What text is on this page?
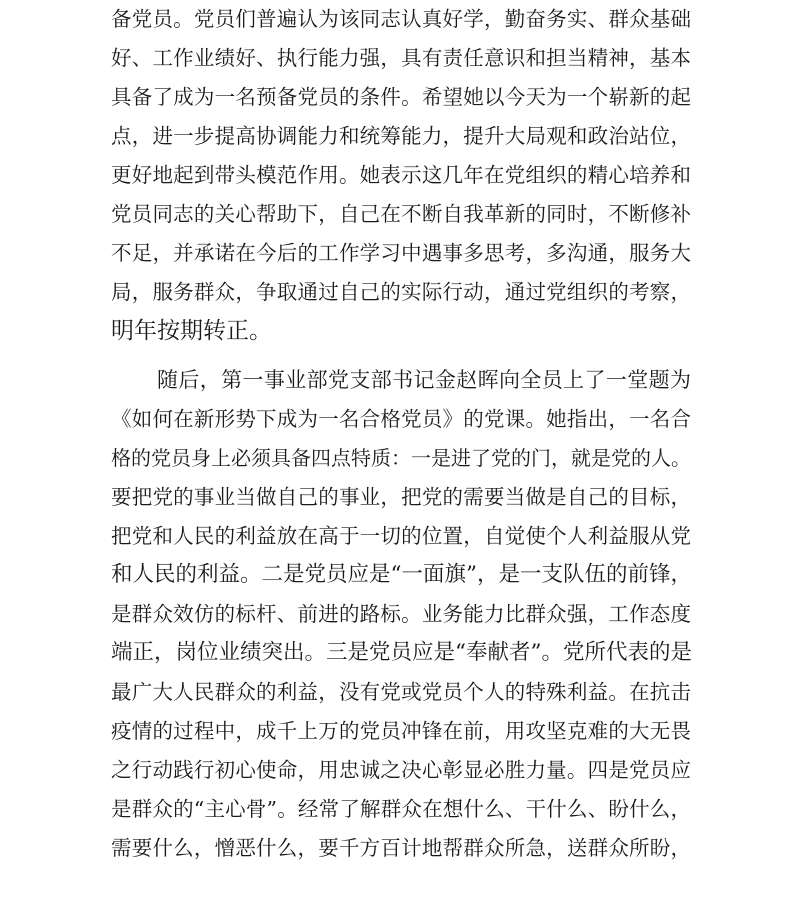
备党员。党员们普遍认为该同志认真好学，勤奋务实、群众基础
好、工作业绩好、执行能力强，具有责任意识和担当精神，基本
具备了成为一名预备党员的条件。希望她以今天为一个崭新的起
点，进一步提高协调能力和统筹能力，提升大局观和政治站位，
更好地起到带头模范作用。她表示这几年在党组织的精心培养和
党员同志的关心帮助下，自己在不断自我革新的同时，不断修补
不足，并承诺在今后的工作学习中遇事多思考，多沟通，服务大
局，服务群众，争取通过自己的实际行动，通过党组织的考察，
明年按期转正。
随后，第一事业部党支部书记金赵晖向全员上了一堂题为
《如何在新形势下成为一名合格党员》的党课。她指出，一名合
格的党员身上必须具备四点特质：一是进了党的门，就是党的人。
要把党的事业当做自己的事业，把党的需要当做是自己的目标，
把党和人民的利益放在高于一切的位置，自觉使个人利益服从党
和人民的利益。二是党员应是“一面旗”，是一支队伍的前锋，
是群众效仿的标杆、前进的路标。业务能力比群众强，工作态度
端正，岗位业绩突出。三是党员应是“奉献者”。党所代表的是
最广大人民群众的利益，没有党或党员个人的特殊利益。在抗击
疫情的过程中，成千上万的党员冲锋在前，用攻坚克难的大无畏
之行动践行初心使命，用忠诚之决心彰显必胜力量。四是党员应
是群众的“主心骨”。经常了解群众在想什么、干什么、盼什么，
需要什么，憎恶什么，要千方百计地帮群众所急，送群众所盼，
